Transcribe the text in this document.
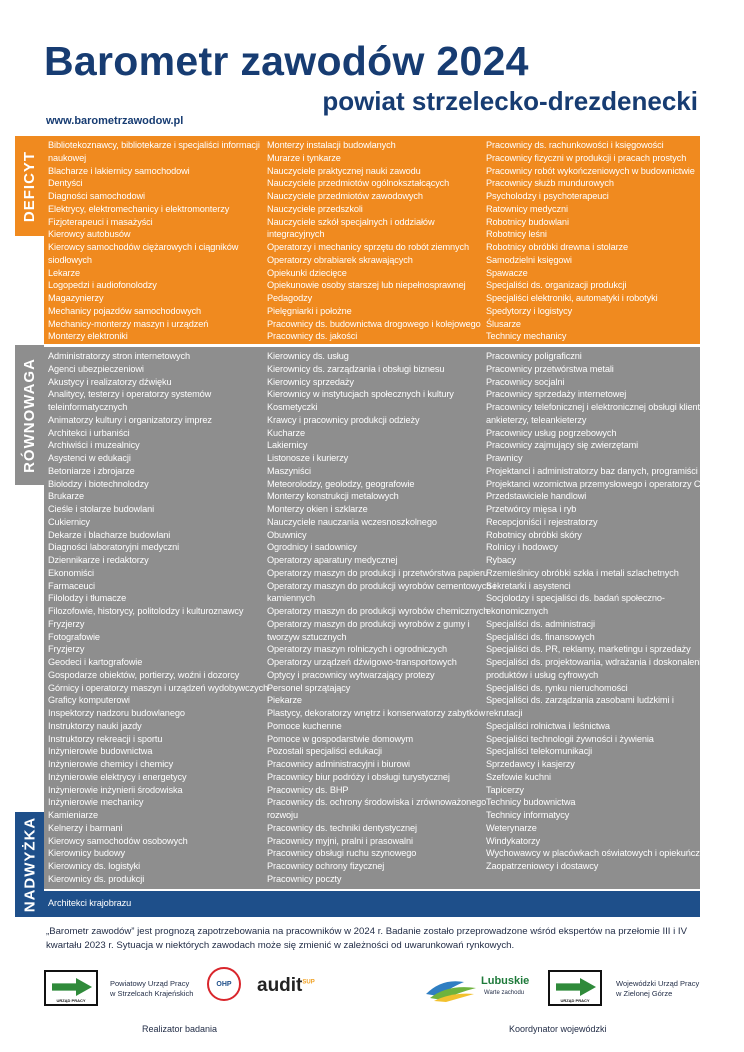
Barometr zawodów 2024
powiat strzelecko-drezdenecki
www.barometrzawodow.pl
DEFICYT
RÓWNOWAGA
NADWYŻKA
Bibliotekoznawcy, bibliotekarze i specjaliści informacji
naukowej
Blacharze i lakiernicy samochodowi
Dentyści
Diagności samochodowi
Elektrycy, elektromechanicy i elektromonterzy
Fizjoterapeuci i masażyści
Kierowcy autobusów
Kierowcy samochodów ciężarowych i ciągników
siodłowych
Lekarze
Logopedzi i audiofonolodzy
Magazynierzy
Mechanicy pojazdów samochodowych
Mechanicy-monterzy maszyn i urządzeń
Monterzy elektroniki
Monterzy instalacji budowlanych
Murarze i tynkarze
Nauczyciele praktycznej nauki zawodu
Nauczyciele przedmiotów ogólnokształcących
Nauczyciele przedmiotów zawodowych
Nauczyciele przedszkoli
Nauczyciele szkół specjalnych i oddziałów
integracyjnych
Operatorzy i mechanicy sprzętu do robót ziemnych
Operatorzy obrabiarek skrawających
Opiekunki dziecięce
Opiekunowie osoby starszej lub niepełnosprawnej
Pedagodzy
Pielęgniarki i położne
Pracownicy ds. budownictwa drogowego i kolejowego
Pracownicy ds. jakości
Pracownicy ds. rachunkowości i księgowości
Pracownicy fizyczni w produkcji i pracach prostych
Pracownicy robót wykończeniowych w budownictwie
Pracownicy służb mundurowych
Psycholodzy i psychoterapeuci
Ratownicy medyczni
Robotnicy budowlani
Robotnicy leśni
Robotnicy obróbki drewna i stolarze
Samodzielni księgowi
Spawacze
Specjaliści ds. organizacji produkcji
Specjaliści elektroniki, automatyki i robotyki
Spedytorzy i logistycy
Ślusarze
Technicy mechanicy
Administratorzy stron internetowych
Agenci ubezpieczeniowi
Akustycy i realizatorzy dźwięku
Analitycy, testerzy i operatorzy systemów
teleinformatycznych
Animatorzy kultury i organizatorzy imprez
Architekci i urbaniści
Archiwiści i muzealnicy
Asystenci w edukacji
Betoniarze i zbrojarze
Biolodzy i biotechnolodzy
Brukarze
Cieśle i stolarze budowlani
Cukiernicy
Dekarze i blacharze budowlani
Diagności laboratoryjni medyczni
Dziennikarze i redaktorzy
Ekonomiści
Farmaceuci
Filolodzy i tłumacze
Filozofowie, historycy, politolodzy i kulturoznawcy
Fryzjerzy
Fotografowie
Fryzjerzy
Geodeci i kartografowie
Gospodarze obiektów, portierzy, woźni i dozorcy
Górnicy i operatorzy maszyn i urządzeń wydobywczych
Graficy komputerowi
Inspektorzy nadzoru budowlanego
Instruktorzy nauki jazdy
Instruktorzy rekreacji i sportu
Inżynierowie budownictwa
Inżynierowie chemicy i chemicy
Inżynierowie elektrycy i energetycy
Inżynierowie inżynierii środowiska
Inżynierowie mechanicy
Kamieniarze
Kelnerzy i barmani
Kierowcy samochodów osobowych
Kierownicy budowy
Kierownicy ds. logistyki
Kierownicy ds. produkcji
Kierownicy ds. usług
Kierownicy ds. zarządzania i obsługi biznesu
Kierownicy sprzedaży
Kierownicy w instytucjach społecznych i kultury
Kosmetyczki
Krawcy i pracownicy produkcji odzieży
Kucharze
Lakiernicy
Listonosze i kurierzy
Maszyniści
Meteorolodzy, geolodzy, geografowie
Monterzy konstrukcji metalowych
Monterzy okien i szklarze
Nauczyciele nauczania wczesnoszkolnego
Obuwnicy
Ogrodnicy i sadownicy
Operatorzy aparatury medycznej
Operatorzy maszyn do produkcji i przetwórstwa papieru
Operatorzy maszyn do produkcji wyrobów cementowych i
kamiennych
Operatorzy maszyn do produkcji wyrobów chemicznych
Operatorzy maszyn do produkcji wyrobów z gumy i
tworzyw sztucznych
Operatorzy maszyn rolniczych i ogrodniczych
Operatorzy urządzeń dźwigowo-transportowych
Optycy i pracownicy wytwarzający protezy
Personel sprzątający
Piekarze
Plastycy, dekoratorzy wnętrz i konserwatorzy zabytków
Pomoce kuchenne
Pomoce w gospodarstwie domowym
Pozostali specjaliści edukacji
Pracownicy administracyjni i biurowi
Pracownicy biur podróży i obsługi turystycznej
Pracownicy ds. BHP
Pracownicy ds. ochrony środowiska i zrównoważonego
rozwoju
Pracownicy ds. techniki dentystycznej
Pracownicy myjni, pralni i prasowalni
Pracownicy obsługi ruchu szynowego
Pracownicy ochrony fizycznej
Pracownicy poczty
Pracownicy poligraficzni
Pracownicy przetwórstwa metali
Pracownicy socjalni
Pracownicy sprzedaży internetowej
Pracownicy telefonicznej i elektronicznej obsługi klienta,
ankieterzy, teleankieterzy
Pracownicy usług pogrzebowych
Pracownicy zajmujący się zwierzętami
Prawnicy
Projektanci i administratorzy baz danych, programiści
Projektanci wzornictwa przemysłowego i operatorzy CAD
Przedstawiciele handlowi
Przetwórcy mięsa i ryb
Recepcjoniści i rejestratorzy
Robotnicy obróbki skóry
Rolnicy i hodowcy
Rybacy
Rzemieślnicy obróbki szkła i metali szlachetnych
Sekretarki i asystenci
Socjolodzy i specjaliści ds. badań społeczno-
ekonomicznych
Specjaliści ds. administracji
Specjaliści ds. finansowych
Specjaliści ds. PR, reklamy, marketingu i sprzedaży
Specjaliści ds. projektowania, wdrażania i doskonalenia
produktów i usług cyfrowych
Specjaliści ds. rynku nieruchomości
Specjaliści ds. zarządzania zasobami ludzkimi i
rekrutacji
Specjaliści rolnictwa i leśnictwa
Specjaliści technologii żywności i żywienia
Specjaliści telekomunikacji
Sprzedawcy i kasjerzy
Szefowie kuchni
Tapicerzy
Technicy budownictwa
Technicy informatycy
Weterynarze
Windykatorzy
Wychowawcy w placówkach oświatowych i opiekuńczych
Zaopatrzeniowcy i dostawcy
Architekci krajobrazu
„Barometr zawodów” jest prognozą zapotrzebowania na pracowników w 2024 r. Badanie zostało przeprowadzone wśród ekspertów na przełomie III i IV kwartału 2023 r. Sytuacja w niektórych zawodach może się zmienić w zależności od uwarunkowań rynkowych.
URZĄD PRACY
Powiatowy Urząd Pracy
w Strzelcach Krajeńskich
OHP audit$^{SUP}$	Lubuskie
Warte zachodu
URZĄD PRACY
Wojewódzki Urząd Pracy
w Zielonej Górze
Realizator badania	Koordynator wojewódzki
